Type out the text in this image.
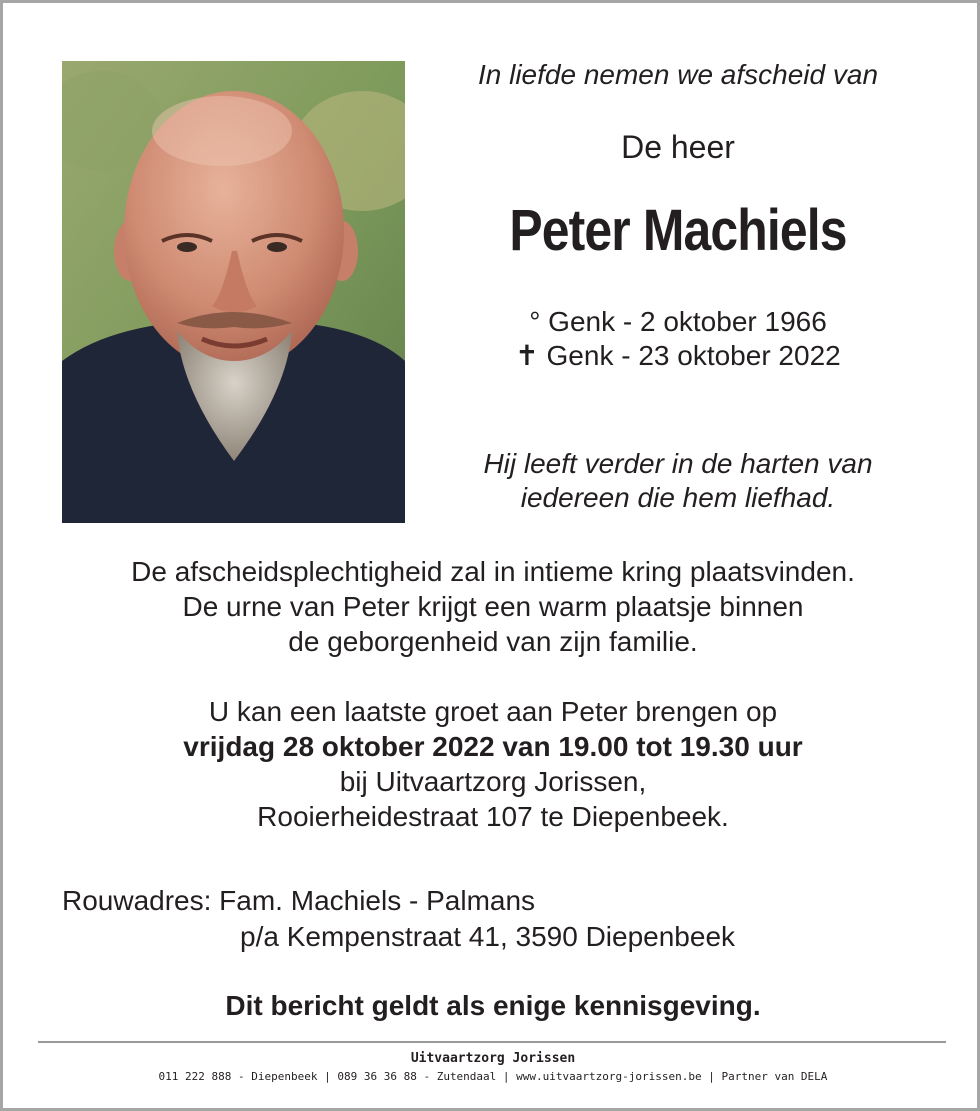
In liefde nemen we afscheid van
De heer
Peter Machiels
° Genk - 2 oktober 1966
✝ Genk - 23 oktober 2022
Hij leeft verder in de harten van
iedereen die hem liefhad.
De afscheidsplechtigheid zal in intieme kring plaatsvinden.
De urne van Peter krijgt een warm plaatsje binnen
de geborgenheid van zijn familie.
U kan een laatste groet aan Peter brengen op
vrijdag 28 oktober 2022 van 19.00 tot 19.30 uur
bij Uitvaartzorg Jorissen,
Rooierheidestraat 107 te Diepenbeek.
Rouwadres: Fam. Machiels - Palmans
p/a Kempenstraat 41, 3590 Diepenbeek
Dit bericht geldt als enige kennisgeving.
Uitvaartzorg Jorissen
011 222 888 - Diepenbeek | 089 36 36 88 - Zutendaal | www.uitvaartzorg-jorissen.be | Partner van DELA
